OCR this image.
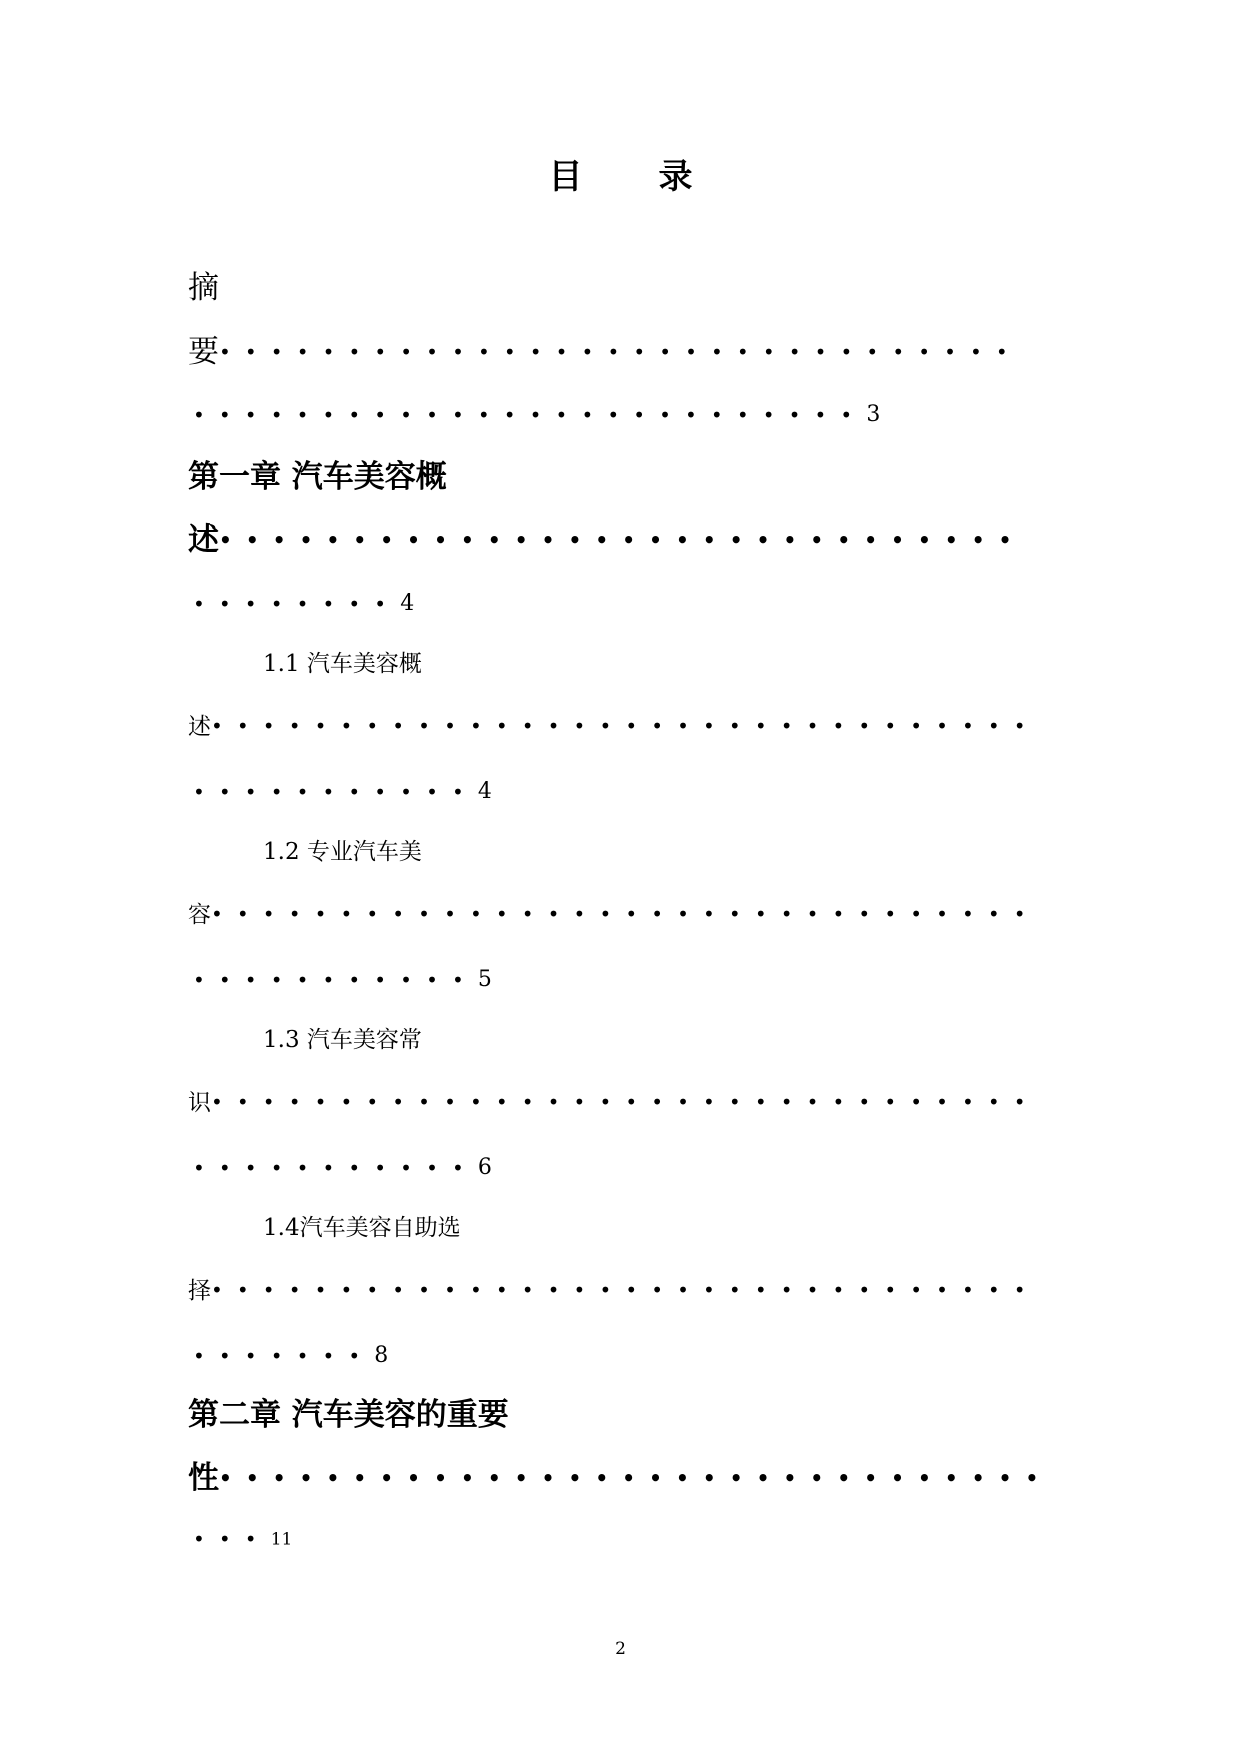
目 录
摘
要•••••••••••••••••••••••••••••••
••••••••••••••••••••••••••3
第一章 汽车美容概
述••••••••••••••••••••••••••••••
••••••••4
1.1 汽车美容概
述••••••••••••••••••••••••••••••••
•••••••••••4
1.2 专业汽车美
容••••••••••••••••••••••••••••••••
•••••••••••5
1.3 汽车美容常
识••••••••••••••••••••••••••••••••
•••••••••••6
1.4汽车美容自助选
择••••••••••••••••••••••••••••••••
•••••••8
第二章 汽车美容的重要
性•••••••••••••••••••••••••••••••
•••11
2
